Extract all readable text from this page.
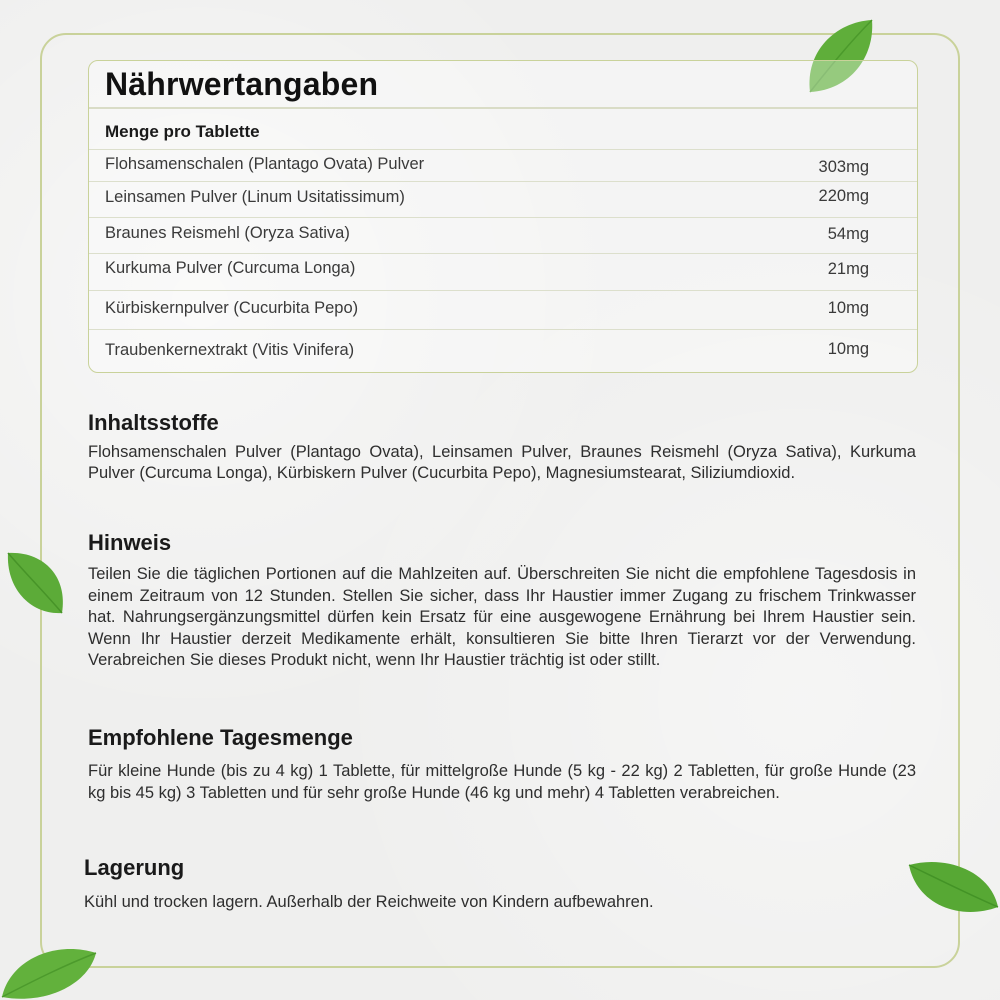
Nährwertangaben
Menge pro Tablette
Flohsamenschalen (Plantago Ovata) Pulver	303mg
Leinsamen Pulver (Linum Usitatissimum)	220mg
Braunes Reismehl (Oryza Sativa)	54mg
Kurkuma Pulver (Curcuma Longa)	21mg
Kürbiskernpulver (Cucurbita Pepo)	10mg
Traubenkernextrakt (Vitis Vinifera)	10mg
Inhaltsstoffe
Flohsamenschalen Pulver (Plantago Ovata), Leinsamen Pulver, Braunes Reismehl (Oryza Sativa), Kurkuma Pulver (Curcuma Longa), Kürbiskern Pulver (Cucurbita Pepo), Magnesiumstearat, Siliziumdioxid.
Hinweis
Teilen Sie die täglichen Portionen auf die Mahlzeiten auf. Überschreiten Sie nicht die empfohlene Tagesdosis in einem Zeitraum von 12 Stunden. Stellen Sie sicher, dass Ihr Haustier immer Zugang zu frischem Trinkwasser hat. Nahrungsergänzungsmittel dürfen kein Ersatz für eine ausgewogene Ernährung bei Ihrem Haustier sein. Wenn Ihr Haustier derzeit Medikamente erhält, konsultieren Sie bitte Ihren Tierarzt vor der Verwendung. Verabreichen Sie dieses Produkt nicht, wenn Ihr Haustier trächtig ist oder stillt.
Empfohlene Tagesmenge
Für kleine Hunde (bis zu 4 kg) 1 Tablette, für mittelgroße Hunde (5 kg - 22 kg) 2 Tabletten, für große Hunde (23 kg bis 45 kg) 3 Tabletten und für sehr große Hunde (46 kg und mehr) 4 Tabletten verabreichen.
Lagerung
Kühl und trocken lagern. Außerhalb der Reichweite von Kindern aufbewahren.
